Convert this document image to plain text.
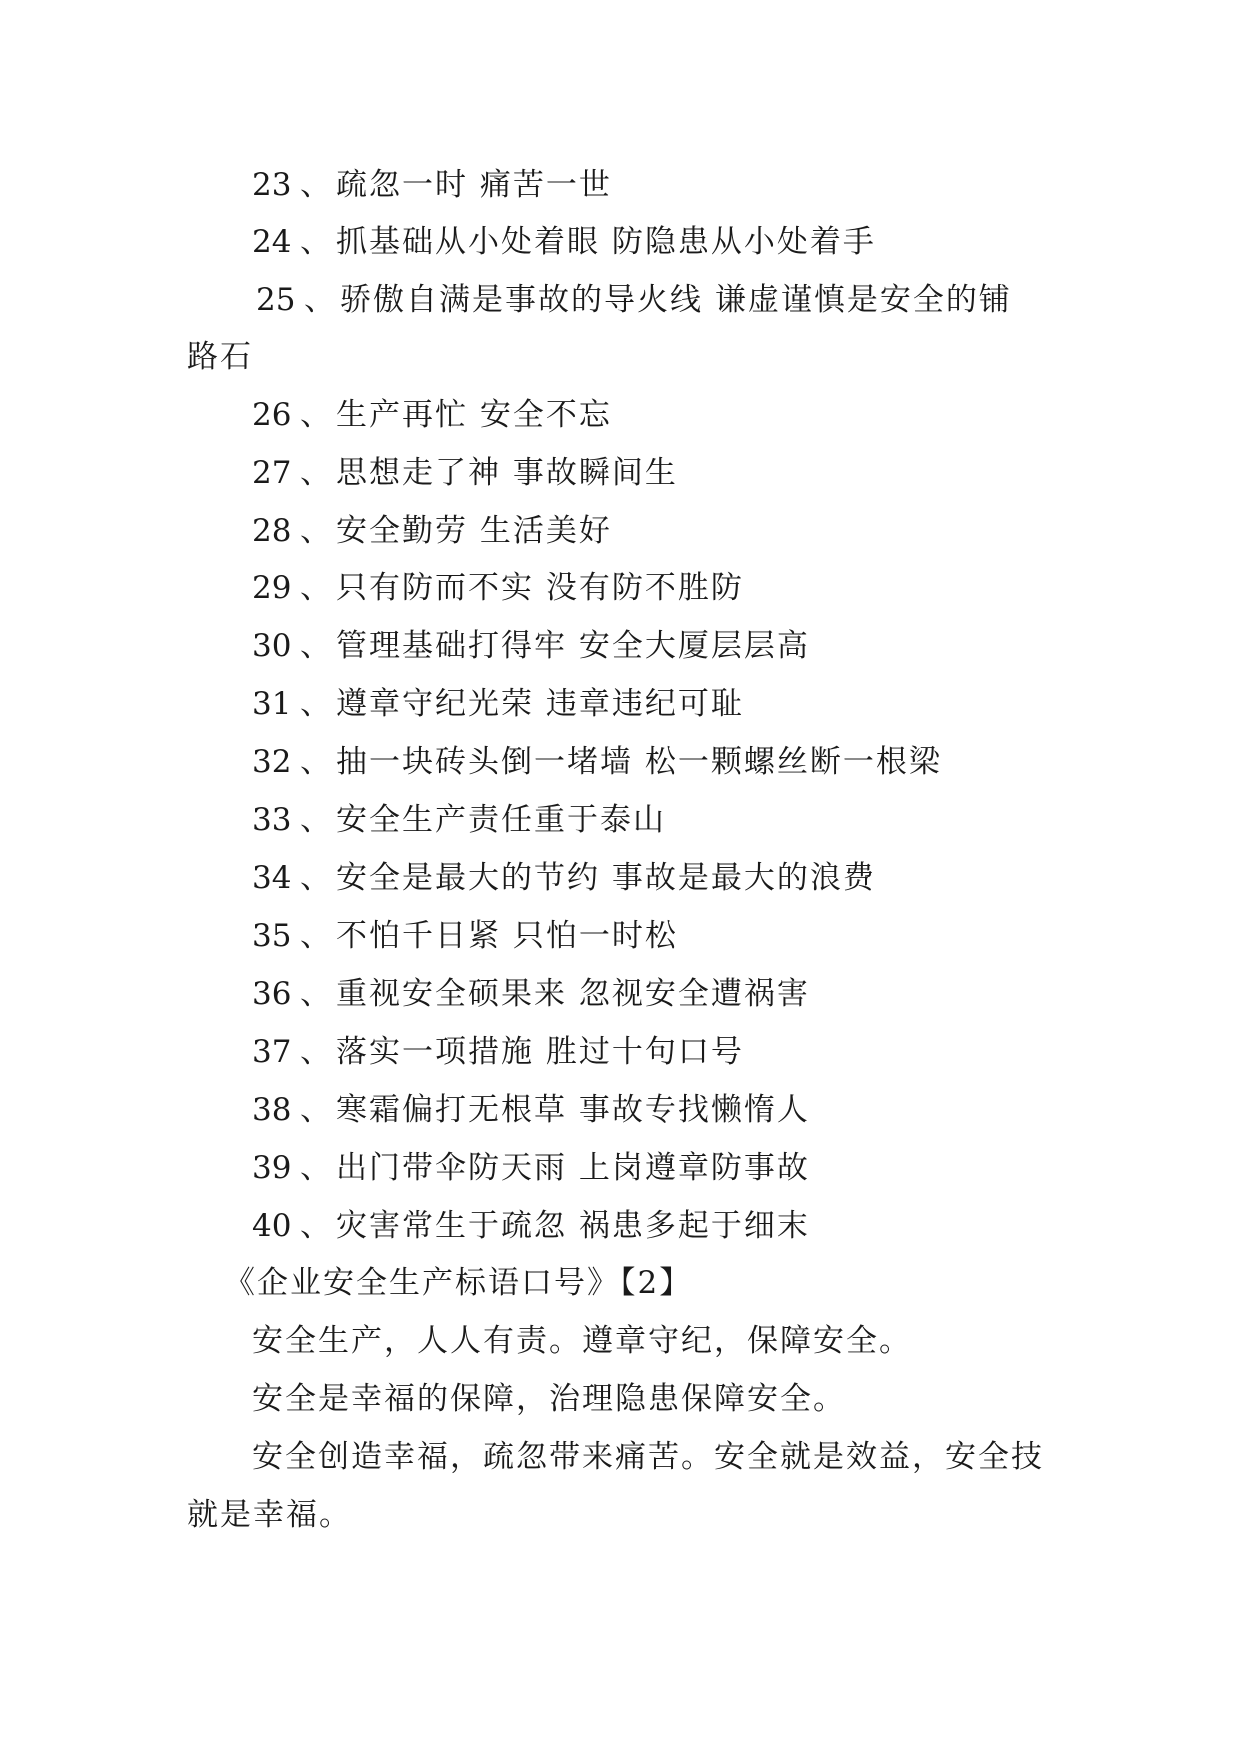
23 、疏忽一时 痛苦一世
24 、抓基础从小处着眼 防隐患从小处着手
25 、骄傲自满是事故的导火线 谦虚谨慎是安全的铺
路石
26 、生产再忙 安全不忘
27 、思想走了神 事故瞬间生
28 、安全勤劳 生活美好
29 、只有防而不实 没有防不胜防
30 、管理基础打得牢 安全大厦层层高
31 、遵章守纪光荣 违章违纪可耻
32 、抽一块砖头倒一堵墙 松一颗螺丝断一根梁
33 、安全生产责任重于泰山
34 、安全是最大的节约 事故是最大的浪费
35 、不怕千日紧 只怕一时松
36 、重视安全硕果来 忽视安全遭祸害
37 、落实一项措施 胜过十句口号
38 、寒霜偏打无根草 事故专找懒惰人
39 、出门带伞防天雨 上岗遵章防事故
40 、灾害常生于疏忽 祸患多起于细末
《企业安全生产标语口号》【2】
安全生产，人人有责。遵章守纪，保障安全。
安全是幸福的保障，治理隐患保障安全。
安全创造幸福，疏忽带来痛苦。安全就是效益，安全技
就是幸福。
